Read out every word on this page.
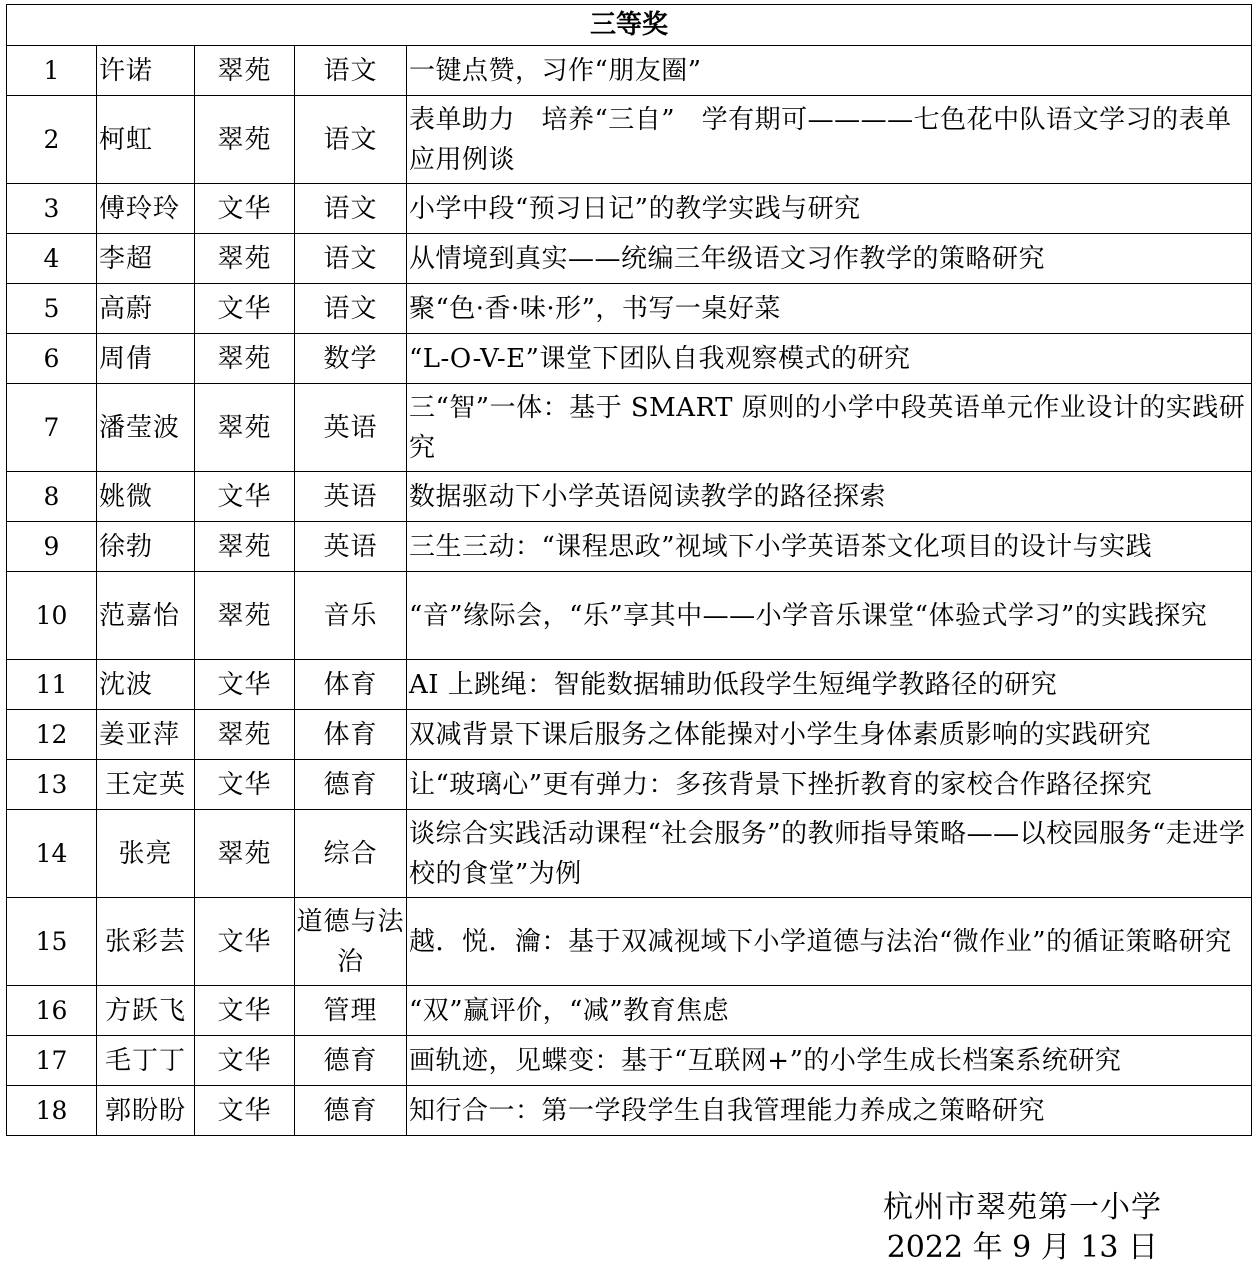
三等奖				
1	许诺	翠苑	语文	一键点赞，习作“朋友圈”
2	柯虹	翠苑	语文	表单助力　培养“三自”　学有期可————七色花中队语文学习的表单应用例谈
3	傅玲玲	文华	语文	小学中段“预习日记”的教学实践与研究
4	李超	翠苑	语文	从情境到真实——统编三年级语文习作教学的策略研究
5	高蔚	文华	语文	聚“色·香·味·形”，书写一桌好菜
6	周倩	翠苑	数学	“L-O-V-E”课堂下团队自我观察模式的研究
7	潘莹波	翠苑	英语	三“智”一体：基于 SMART 原则的小学中段英语单元作业设计的实践研究
8	姚微	文华	英语	数据驱动下小学英语阅读教学的路径探索
9	徐勃	翠苑	英语	三生三动：“课程思政”视域下小学英语茶文化项目的设计与实践
10	范嘉怡	翠苑	音乐	“音”缘际会，“乐”享其中——小学音乐课堂“体验式学习”的实践探究
11	沈波	文华	体育	AI 上跳绳：智能数据辅助低段学生短绳学教路径的研究
12	姜亚萍	翠苑	体育	双减背景下课后服务之体能操对小学生身体素质影响的实践研究
13	王定英	文华	德育	让“玻璃心”更有弹力：多孩背景下挫折教育的家校合作路径探究
14	张亮	翠苑	综合	谈综合实践活动课程“社会服务”的教师指导策略——以校园服务“走进学校的食堂”为例
15	张彩芸	文华	道德与法治	越．悦．瀹：基于双减视域下小学道德与法治“微作业”的循证策略研究
16	方跃飞	文华	管理	“双”赢评价，“减”教育焦虑
17	毛丁丁	文华	德育	画轨迹，见蝶变：基于“互联网+”的小学生成长档案系统研究
18	郭盼盼	文华	德育	知行合一：第一学段学生自我管理能力养成之策略研究
杭州市翠苑第一小学
2022 年 9 月 13 日
